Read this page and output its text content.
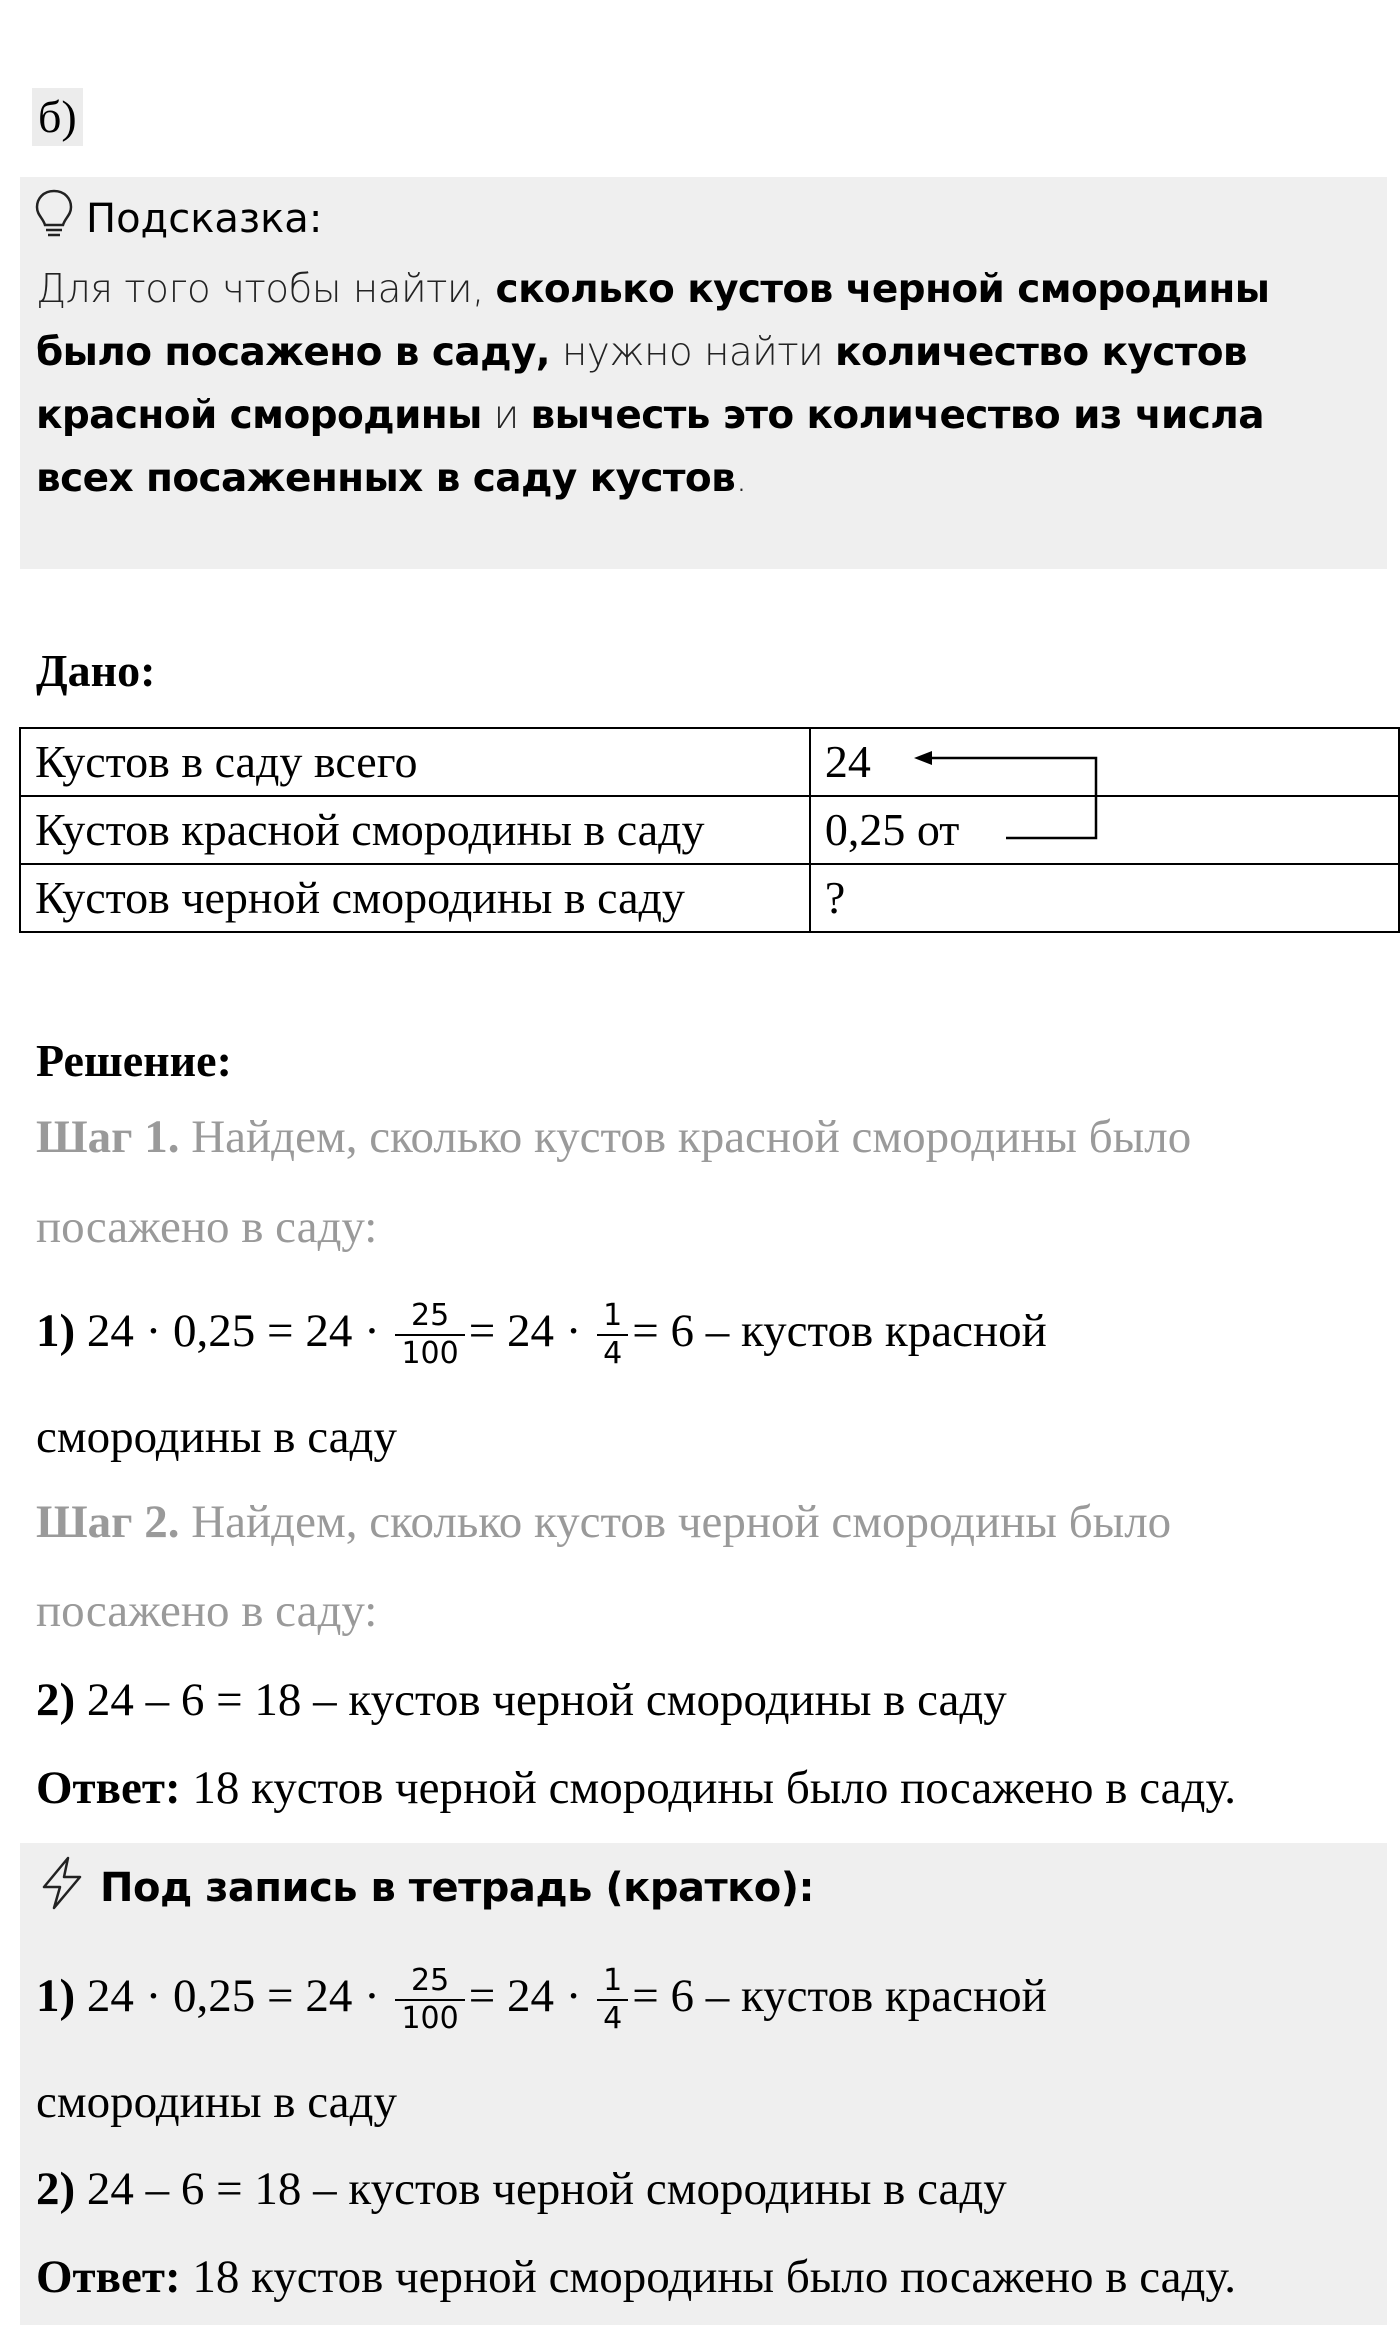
б)
Подсказка:
Для того чтобы найти, сколько кустов черной смородины было посажено в саду, нужно найти количество кустов красной смородины и вычесть это количество из числа всех посаженных в саду кустов.
Дано:
Кустов в саду всего	24
Кустов красной смородины в саду	0,25 от
Кустов черной смородины в саду	?
Решение:
Шаг 1. Найдем, сколько кустов красной смородины было
посажено в саду:
1) $24 \cdot 0,25 = 24 \cdot \frac{25}{100} = 24 \cdot \frac{1}{4} = 6$ – кустов красной
смородины в саду
Шаг 2. Найдем, сколько кустов черной смородины было
посажено в саду:
2) 24 – 6 = 18 – кустов черной смородины в саду
Ответ: 18 кустов черной смородины было посажено в саду.
Под запись в тетрадь (кратко):
1) $24 \cdot 0,25 = 24 \cdot \frac{25}{100} = 24 \cdot \frac{1}{4} = 6$ – кустов красной
смородины в саду
2) 24 – 6 = 18 – кустов черной смородины в саду
Ответ: 18 кустов черной смородины было посажено в саду.
